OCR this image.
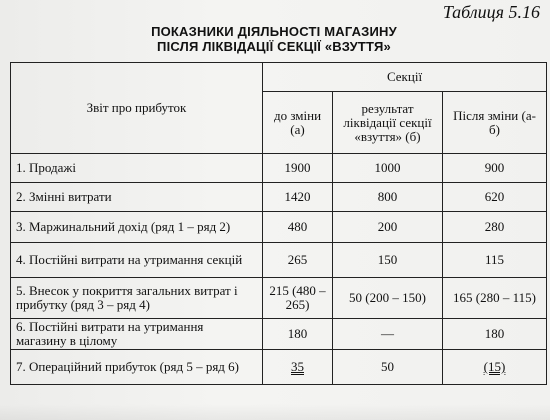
Таблиця 5.16
ПОКАЗНИКИ ДІЯЛЬНОСТІ МАГАЗИНУ
ПІСЛЯ ЛІКВІДАЦІЇ СЕКЦІЇ «ВЗУТТЯ»
Звіт про прибуток	Секції		
	до зміни (а)	результат ліквідації секції «взуття» (б)	Після зміни (а-б)
1. Продажі	1900	1000	900
2. Змінні витрати	1420	800	620
3. Маржинальний дохід (ряд 1 – ряд 2)	480	200	280
4. Постійні витрати на утримання секцій	265	150	115
5. Внесок у покриття загальних витрат і прибутку (ряд 3 – ряд 4)	215 (480 – 265)	50 (200 – 150)	165 (280 – 115)
6. Постійні витрати на утримання магазину в цілому	180	—	180
7. Операційний прибуток (ряд 5 – ряд 6)	35	50	(15)
